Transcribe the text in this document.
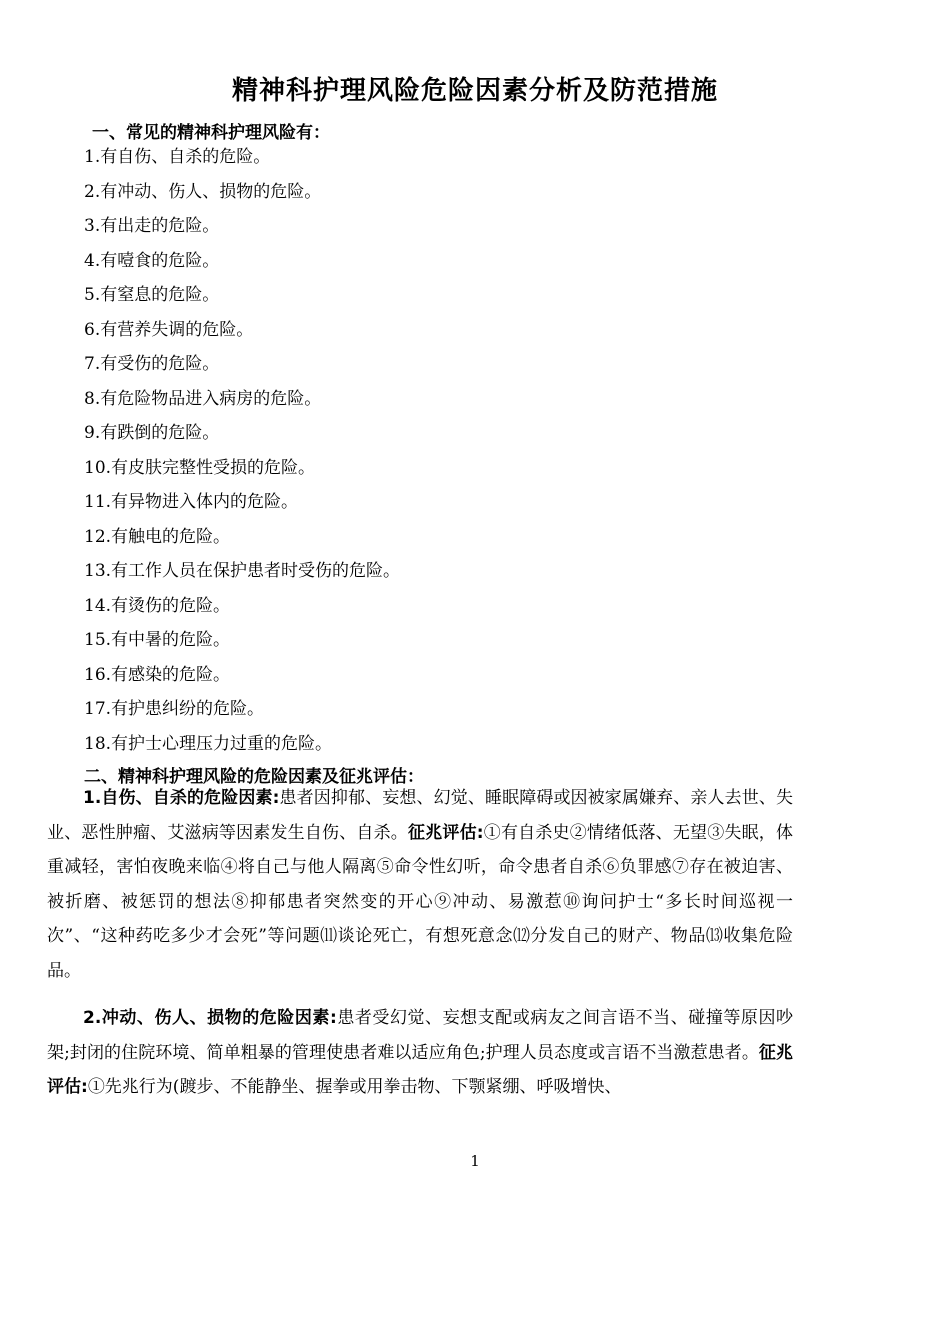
精神科护理风险危险因素分析及防范措施
一、常见的精神科护理风险有：
1.有自伤、自杀的危险。
2.有冲动、伤人、损物的危险。
3.有出走的危险。
4.有噎食的危险。
5.有窒息的危险。
6.有营养失调的危险。
7.有受伤的危险。
8.有危险物品进入病房的危险。
9.有跌倒的危险。
10.有皮肤完整性受损的危险。
11.有异物进入体内的危险。
12.有触电的危险。
13.有工作人员在保护患者时受伤的危险。
14.有烫伤的危险。
15.有中暑的危险。
16.有感染的危险。
17.有护患纠纷的危险。
18.有护士心理压力过重的危险。
二、精神科护理风险的危险因素及征兆评估：

1.自伤、自杀的危险因素:患者因抑郁、妄想、幻觉、睡眠障碍或因被家属嫌弃、亲人去世、失业、恶性肿瘤、艾滋病等因素发生自伤、自杀。征兆评估:①有自杀史②情绪低落、无望③失眠，体重减轻，害怕夜晚来临④将自己与他人隔离⑤命令性幻听，命令患者自杀⑥负罪感⑦存在被迫害、被折磨、被惩罚的想法⑧抑郁患者突然变的开心⑨冲动、易激惹⑩询问护士“多长时间巡视一次”、“这种药吃多少才会死”等问题⑾谈论死亡，有想死意念⑿分发自己的财产、物品⒀收集危险品。

2.冲动、伤人、损物的危险因素:患者受幻觉、妄想支配或病友之间言语不当、碰撞等原因吵架;封闭的住院环境、简单粗暴的管理使患者难以适应角色;护理人员态度或言语不当激惹患者。征兆评估:①先兆行为(踱步、不能静坐、握拳或用拳击物、下颚紧绷、呼吸增快、

1
